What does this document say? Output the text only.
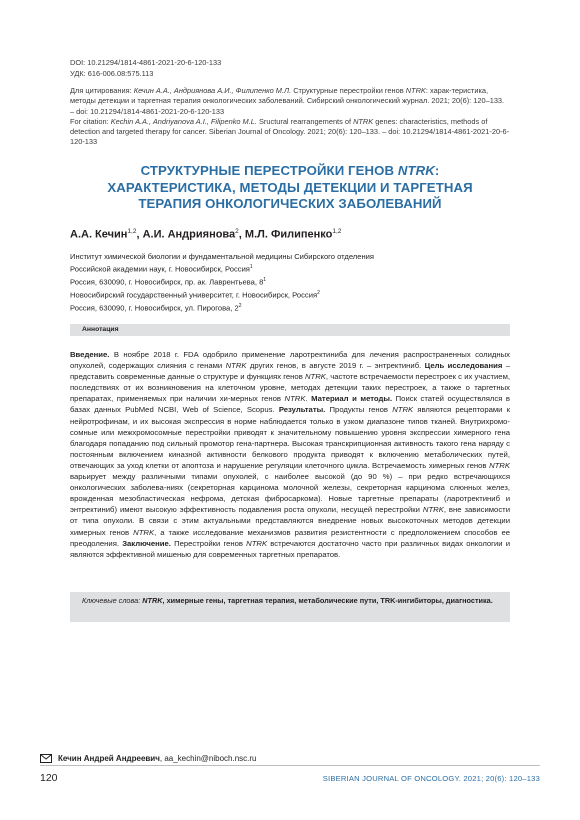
DOI: 10.21294/1814-4861-2021-20-6-120-133
УДК: 616-006.08:575.113

Для цитирования: Кечин А.А., Андриянова А.И., Филипенко М.Л. Структурные перестройки генов NTRK: харак-теристика, методы детекции и таргетная терапия онкологических заболеваний. Сибирский онкологический журнал. 2021; 20(6): 120–133. – doi: 10.21294/1814-4861-2021-20-6-120-133

For citation: Kechin A.A., Andriyanova A.I., Filipenko M.L. Sructural rearrangements of NTRK genes: characteristics, methods of detection and targeted therapy for cancer. Siberian Journal of Oncology. 2021; 20(6): 120–133. – doi: 10.21294/1814-4861-2021-20-6-120-133

СТРУКТУРНЫЕ ПЕРЕСТРОЙКИ ГЕНОВ NTRK:
ХАРАКТЕРИСТИКА, МЕТОДЫ ДЕТЕКЦИИ И ТАРГЕТНАЯ
ТЕРАПИЯ ОНКОЛОГИЧЕСКИХ ЗАБОЛЕВАНИЙ
А.А. Кечин$^{1,2}$, А.И. Андриянова$^2$, М.Л. Филипенко$^{1,2}$
Институт химической биологии и фундаментальной медицины Сибирского отделения
Российской академии наук, г. Новосибирск, Россия$^1$
Россия, 630090, г. Новосибирск, пр. ак. Лаврентьева, $8^1$
Новосибирский государственный университет, г. Новосибирск, Россия$^2$
Россия, 630090, г. Новосибирск, ул. Пирогова, $2^2$
Аннотация

Введение. В ноябре 2018 г. FDA одобрило применение ларотректиниба для лечения распространенных солидных опухолей, содержащих слияния с генами NTRK других генов, в августе 2019 г. – энтректиниб. Цель исследования – представить современные данные о структуре и функциях генов NTRK, частоте встречаемости перестроек с их участием, последствиях от их возникновения на клеточном уровне, методах детекции таких перестроек, а также о таргетных препаратах, применяемых при наличии хи-мерных генов NTRK. Материал и методы. Поиск статей осуществлялся в базах данных PubMed NCBI, Web of Science, Scopus. Результаты. Продукты генов NTRK являются рецепторами к нейротрофинам, и их высокая экспрессия в норме наблюдается только в узком диапазоне типов тканей. Внутрихромо-сомные или межхромосомные перестройки приводят к значительному повышению уровня экспрессии химерного гена благодаря попаданию под сильный промотор гена-партнера. Высокая транскрипционная активность такого гена наряду с постоянным включением киназной активности белкового продукта приводят к включению метаболических путей, отвечающих за уход клетки от апоптоза и нарушение регуляции клеточного цикла. Встречаемость химерных генов NTRK варьирует между различными типами опухолей, с наиболее высокой (до 90 %) – при редко встречающихся онкологических заболева-ниях (секреторная карцинома молочной железы, секреторная карцинома слюнных желез, врожденная мезобластическая нефрома, детская фибросаркома). Новые таргетные препараты (ларотректиниб и энтректиниб) имеют высокую эффективность подавления роста опухоли, несущей перестройки NTRK, вне зависимости от типа опухоли. В связи с этим актуальными представляются внедрение новых высокоточных методов детекции химерных генов NTRK, а также исследование механизмов развития резистентности с предположением способов ее преодоления. Заключение. Перестройки генов NTRK встречаются достаточно часто при различных видах онкологии и являются эффективной мишенью для современных таргетных препаратов.

Ключевые слова: NTRK, химерные гены, таргетная терапия, метаболические пути, TRK-ингибиторы, диагностика.
Кечин Андрей Андреевич, aa_kechin@niboch.nsc.ru
120	SIBERIAN JOURNAL OF ONCOLOGY. 2021; 20(6): 120–133
